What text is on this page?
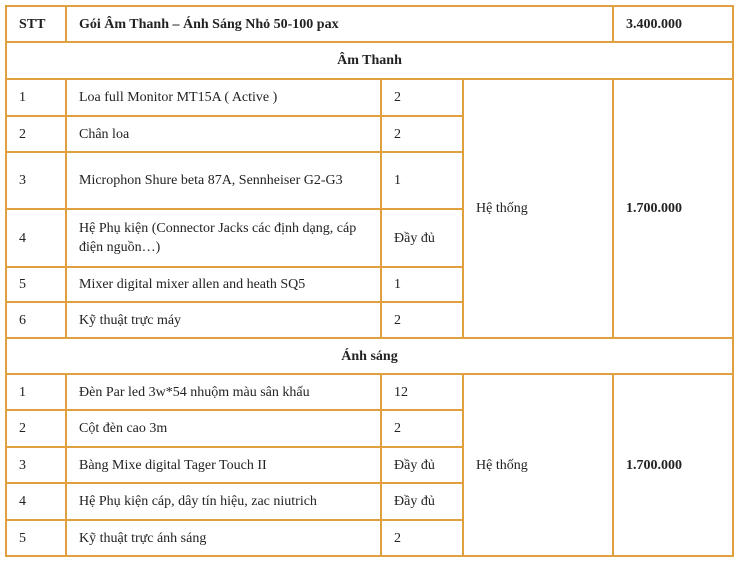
STT	Gói Âm Thanh – Ánh Sáng Nhỏ 50-100 pax			3.400.000
Âm Thanh				
1	Loa full Monitor MT15A ( Active )	2	Hệ thống	1.700.000
2	Chân loa	2		
3	Microphon Shure beta 87A, Sennheiser G2-G3	1		
4	Hệ Phụ kiện (Connector Jacks các định dạng, cáp điện nguồn…)	Đầy đủ		
5	Mixer digital mixer allen and heath SQ5	1		
6	Kỹ thuật trực máy	2		
Ánh sáng				
1	Đèn Par led 3w*54 nhuộm màu sân khấu	12	Hệ thống	1.700.000
2	Cột đèn cao 3m	2		
3	Bàng Mixe digital Tager Touch II	Đầy đủ		
4	Hệ Phụ kiện cáp, dây tín hiệu, zac niutrich	Đầy đủ		
5	Kỹ thuật trực ánh sáng	2		
